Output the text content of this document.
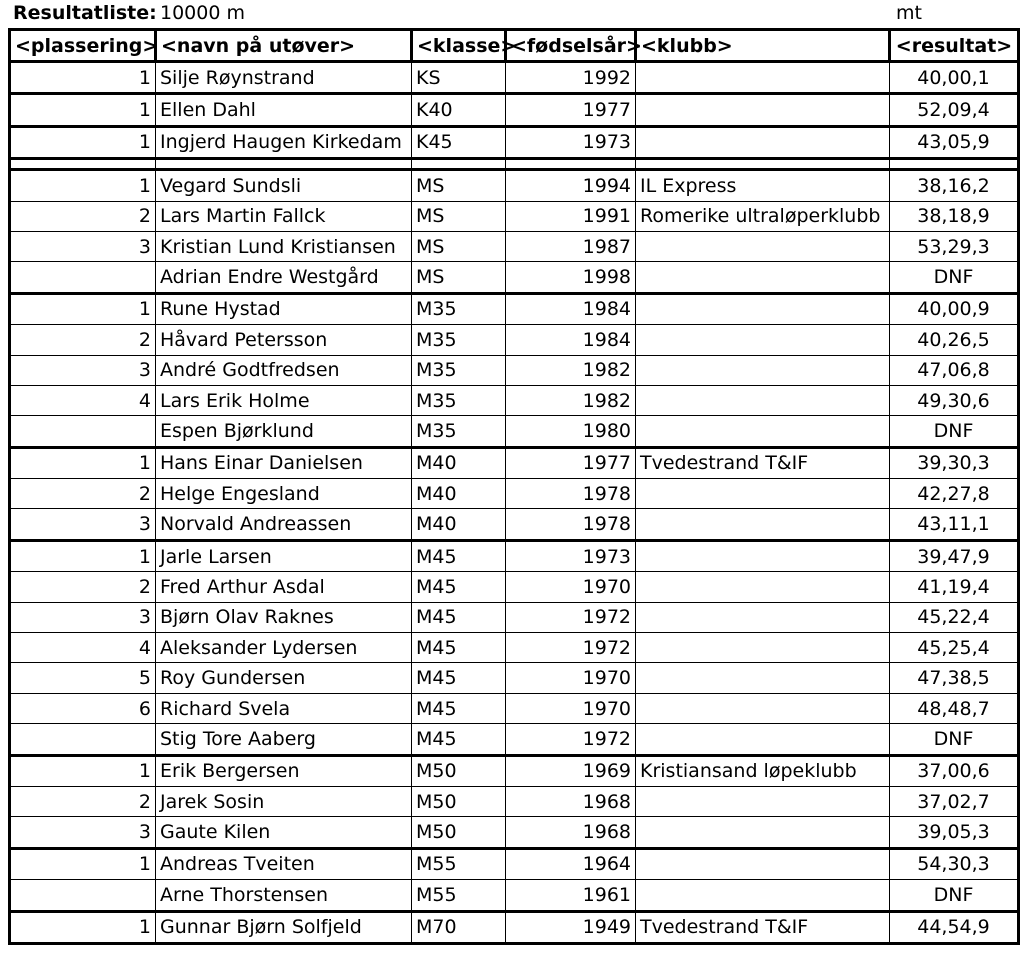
Resultatliste: 10000 m	mt
<plassering>	<navn på utøver>	<klasse>	<fødselsår>	<klubb>	<resultat>
1	Silje Røynstrand	KS	1992		40,00,1
1	Ellen Dahl	K40	1977		52,09,4
1	Ingjerd Haugen Kirkedam	K45	1973		43,05,9

1	Vegard Sundsli	MS	1994	IL Express	38,16,2
2	Lars Martin Fallck	MS	1991	Romerike ultraløperklubb	38,18,9
3	Kristian Lund Kristiansen	MS	1987		53,29,3
	Adrian Endre Westgård	MS	1998		DNF
1	Rune Hystad	M35	1984		40,00,9
2	Håvard Petersson	M35	1984		40,26,5
3	André Godtfredsen	M35	1982		47,06,8
4	Lars Erik Holme	M35	1982		49,30,6
	Espen Bjørklund	M35	1980		DNF
1	Hans Einar Danielsen	M40	1977	Tvedestrand T&IF	39,30,3
2	Helge Engesland	M40	1978		42,27,8
3	Norvald Andreassen	M40	1978		43,11,1
1	Jarle Larsen	M45	1973		39,47,9
2	Fred Arthur Asdal	M45	1970		41,19,4
3	Bjørn Olav Raknes	M45	1972		45,22,4
4	Aleksander Lydersen	M45	1972		45,25,4
5	Roy Gundersen	M45	1970		47,38,5
6	Richard Svela	M45	1970		48,48,7
	Stig Tore Aaberg	M45	1972		DNF
1	Erik Bergersen	M50	1969	Kristiansand løpeklubb	37,00,6
2	Jarek Sosin	M50	1968		37,02,7
3	Gaute Kilen	M50	1968		39,05,3
1	Andreas Tveiten	M55	1964		54,30,3
	Arne Thorstensen	M55	1961		DNF
1	Gunnar Bjørn Solfjeld	M70	1949	Tvedestrand T&IF	44,54,9
